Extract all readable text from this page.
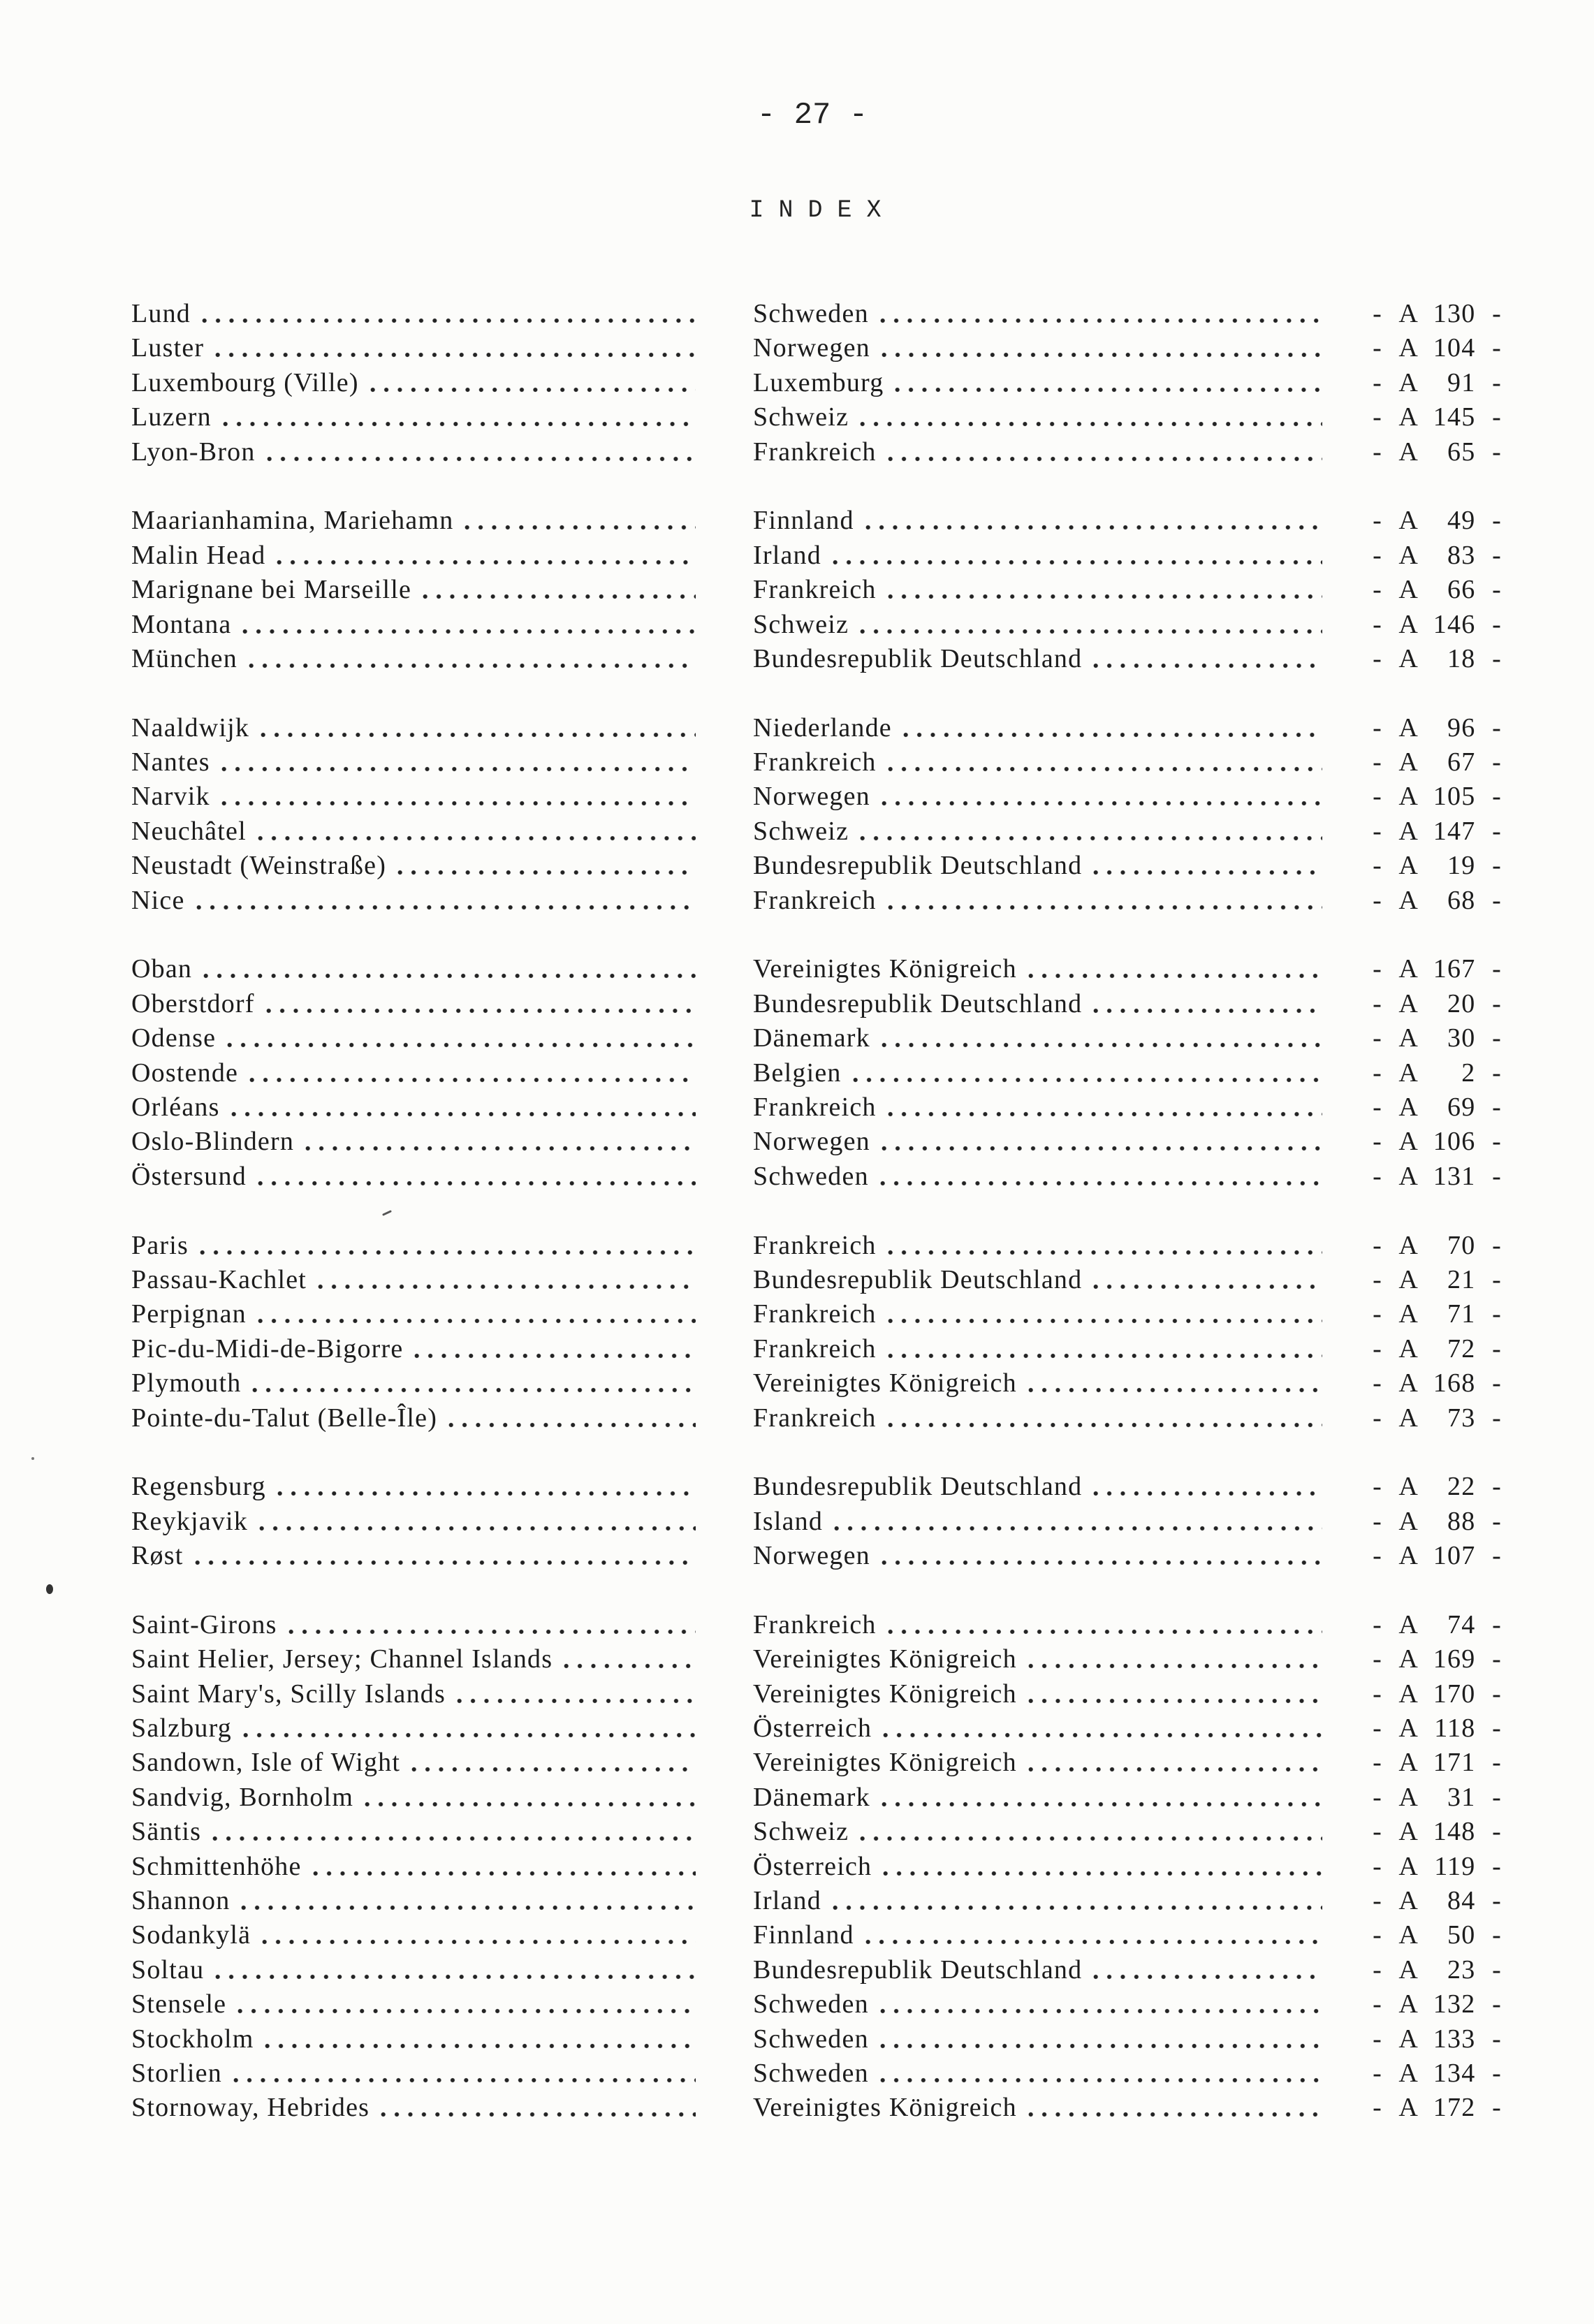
- 27 -
I N D E X
Lund	Schweden	- A 130 -
Luster	Norwegen	- A 104 -
Luxembourg (Ville)	Luxemburg	- A 91 -
Luzern	Schweiz	- A 145 -
Lyon-Bron	Frankreich	- A 65 -
Maarianhamina, Mariehamn	Finnland	- A 49 -
Malin Head	Irland	- A 83 -
Marignane bei Marseille	Frankreich	- A 66 -
Montana	Schweiz	- A 146 -
München	Bundesrepublik Deutschland	- A 18 -
Naaldwijk	Niederlande	- A 96 -
Nantes	Frankreich	- A 67 -
Narvik	Norwegen	- A 105 -
Neuchâtel	Schweiz	- A 147 -
Neustadt (Weinstraße)	Bundesrepublik Deutschland	- A 19 -
Nice	Frankreich	- A 68 -
Oban	Vereinigtes Königreich	- A 167 -
Oberstdorf	Bundesrepublik Deutschland	- A 20 -
Odense	Dänemark	- A 30 -
Oostende	Belgien	- A 2 -
Orléans	Frankreich	- A 69 -
Oslo-Blindern	Norwegen	- A 106 -
Östersund	Schweden	- A 131 -
Paris	Frankreich	- A 70 -
Passau-Kachlet	Bundesrepublik Deutschland	- A 21 -
Perpignan	Frankreich	- A 71 -
Pic-du-Midi-de-Bigorre	Frankreich	- A 72 -
Plymouth	Vereinigtes Königreich	- A 168 -
Pointe-du-Talut (Belle-Île)	Frankreich	- A 73 -
Regensburg	Bundesrepublik Deutschland	- A 22 -
Reykjavik	Island	- A 88 -
Røst	Norwegen	- A 107 -
Saint-Girons	Frankreich	- A 74 -
Saint Helier, Jersey; Channel Islands	Vereinigtes Königreich	- A 169 -
Saint Mary's, Scilly Islands	Vereinigtes Königreich	- A 170 -
Salzburg	Österreich	- A 118 -
Sandown, Isle of Wight	Vereinigtes Königreich	- A 171 -
Sandvig, Bornholm	Dänemark	- A 31 -
Säntis	Schweiz	- A 148 -
Schmittenhöhe	Österreich	- A 119 -
Shannon	Irland	- A 84 -
Sodankylä	Finnland	- A 50 -
Soltau	Bundesrepublik Deutschland	- A 23 -
Stensele	Schweden	- A 132 -
Stockholm	Schweden	- A 133 -
Storlien	Schweden	- A 134 -
Stornoway, Hebrides	Vereinigtes Königreich	- A 172 -
